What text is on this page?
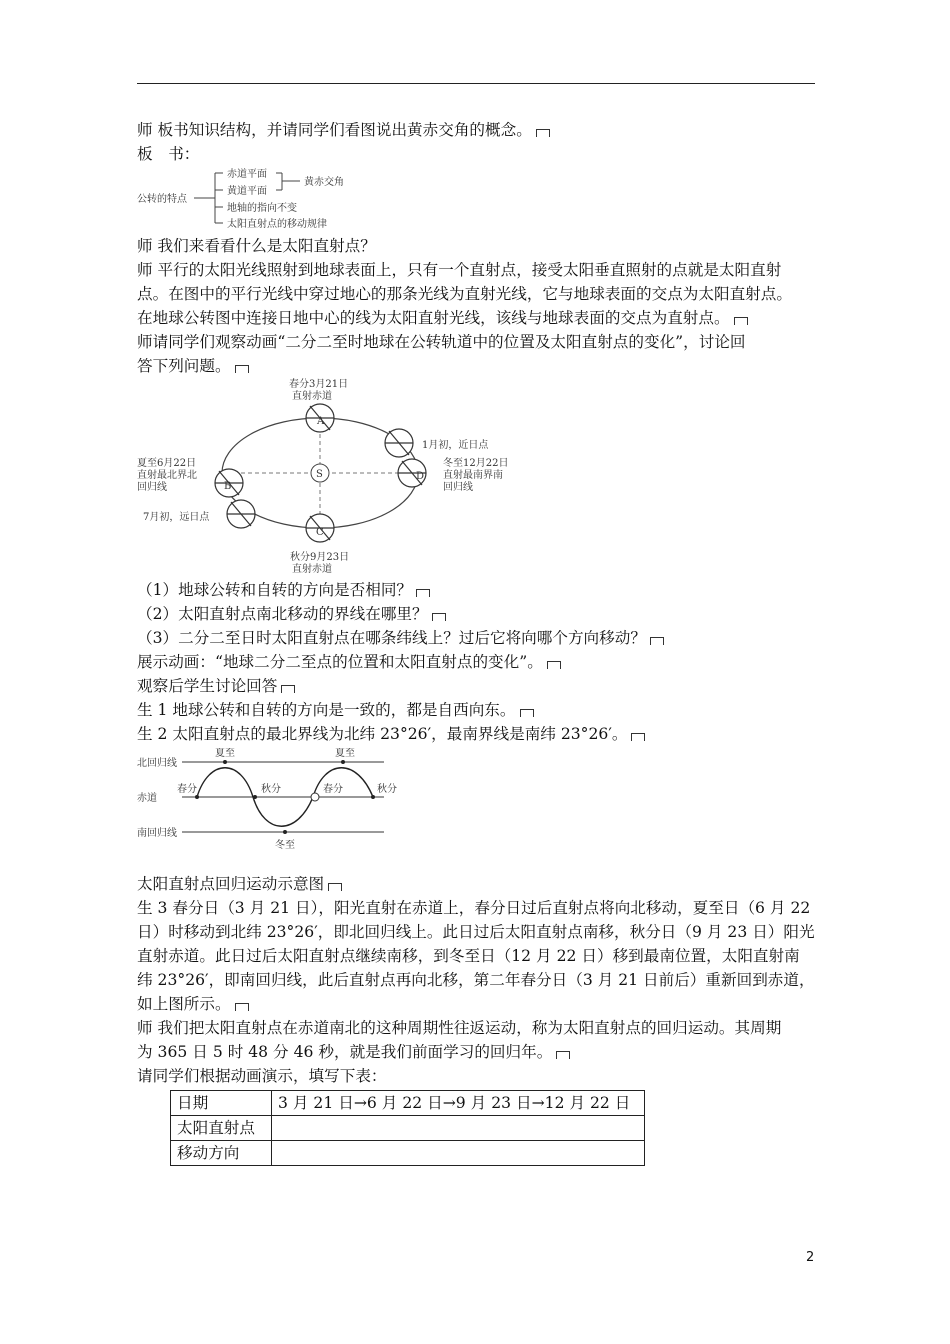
师 板书知识结构，并请同学们看图说出黄赤交角的概念。
板　书：
公转的特点
赤道平面
黄道平面
地轴的指向不变
太阳直射点的移动规律
黄赤交角
师 我们来看看什么是太阳直射点？
师 平行的太阳光线照射到地球表面上，只有一个直射点，接受太阳垂直照射的点就是太阳直射
点。在图中的平行光线中穿过地心的那条光线为直射光线，它与地球表面的交点为太阳直射点。
在地球公转图中连接日地中心的线为太阳直射光线，该线与地球表面的交点为直射点。
师请同学们观察动画“二分二至时地球在公转轨道中的位置及太阳直射点的变化”，讨论回
答下列问题。
S
A
B
C
D
春分3月21日
直射赤道
1月初，近日点
夏至6月22日
直射最北界北
回归线
冬至12月22日
直射最南界南
回归线
7月初，远日点
秋分9月23日
直射赤道
（1）地球公转和自转的方向是否相同？
（2）太阳直射点南北移动的界线在哪里？
（3）二分二至日时太阳直射点在哪条纬线上？过后它将向哪个方向移动？
展示动画：“地球二分二至点的位置和太阳直射点的变化”。
观察后学生讨论回答
生 1 地球公转和自转的方向是一致的，都是自西向东。
生 2 太阳直射点的最北界线为北纬 23°26′，最南界线是南纬 23°26′。
北回归线
赤道
南回归线
夏至	夏至
春分	春分
秋分	秋分
冬至
太阳直射点回归运动示意图
生 3 春分日（3 月 21 日），阳光直射在赤道上，春分日过后直射点将向北移动，夏至日（6 月 22
日）时移动到北纬 23°26′，即北回归线上。此日过后太阳直射点南移，秋分日（9 月 23 日）阳光
直射赤道。此日过后太阳直射点继续南移，到冬至日（12 月 22 日）移到最南位置，太阳直射南
纬 23°26′，即南回归线，此后直射点再向北移，第二年春分日（3 月 21 日前后）重新回到赤道，
如上图所示。
师 我们把太阳直射点在赤道南北的这种周期性往返运动，称为太阳直射点的回归运动。其周期
为 365 日 5 时 48 分 46 秒，就是我们前面学习的回归年。
请同学们根据动画演示，填写下表：
日期	3 月 21 日→6 月 22 日→9 月 23 日→12 月 22 日
太阳直射点	
移动方向	
2
